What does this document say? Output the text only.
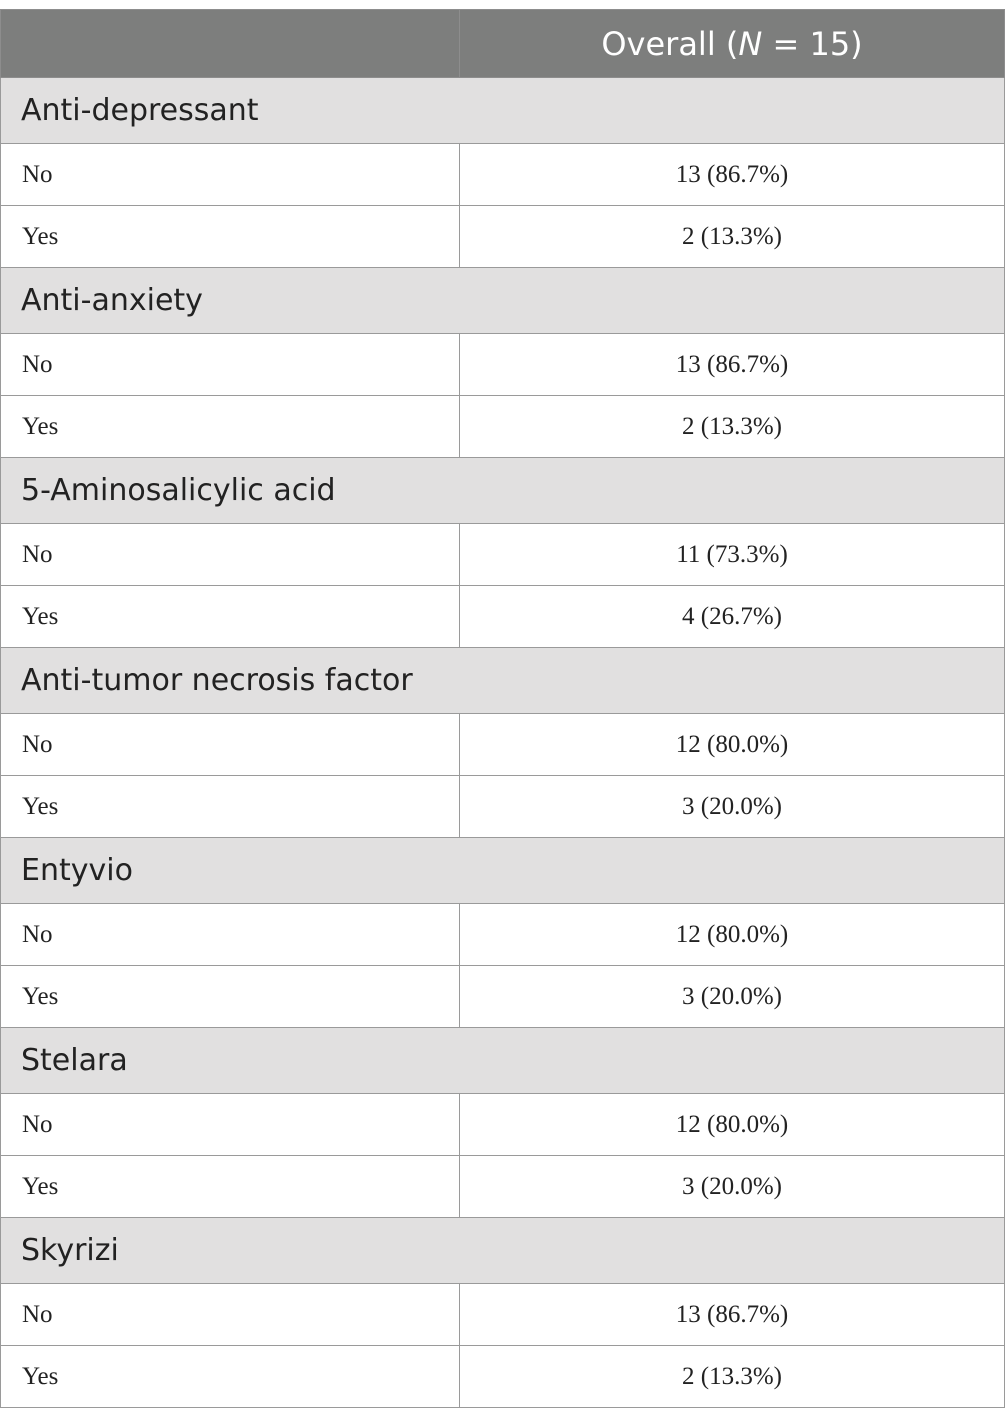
	Overall (N = 15)
Anti-depressant	
No	13 (86.7%)
Yes	2 (13.3%)
Anti-anxiety	
No	13 (86.7%)
Yes	2 (13.3%)
5-Aminosalicylic acid	
No	11 (73.3%)
Yes	4 (26.7%)
Anti-tumor necrosis factor	
No	12 (80.0%)
Yes	3 (20.0%)
Entyvio	
No	12 (80.0%)
Yes	3 (20.0%)
Stelara	
No	12 (80.0%)
Yes	3 (20.0%)
Skyrizi	
No	13 (86.7%)
Yes	2 (13.3%)
